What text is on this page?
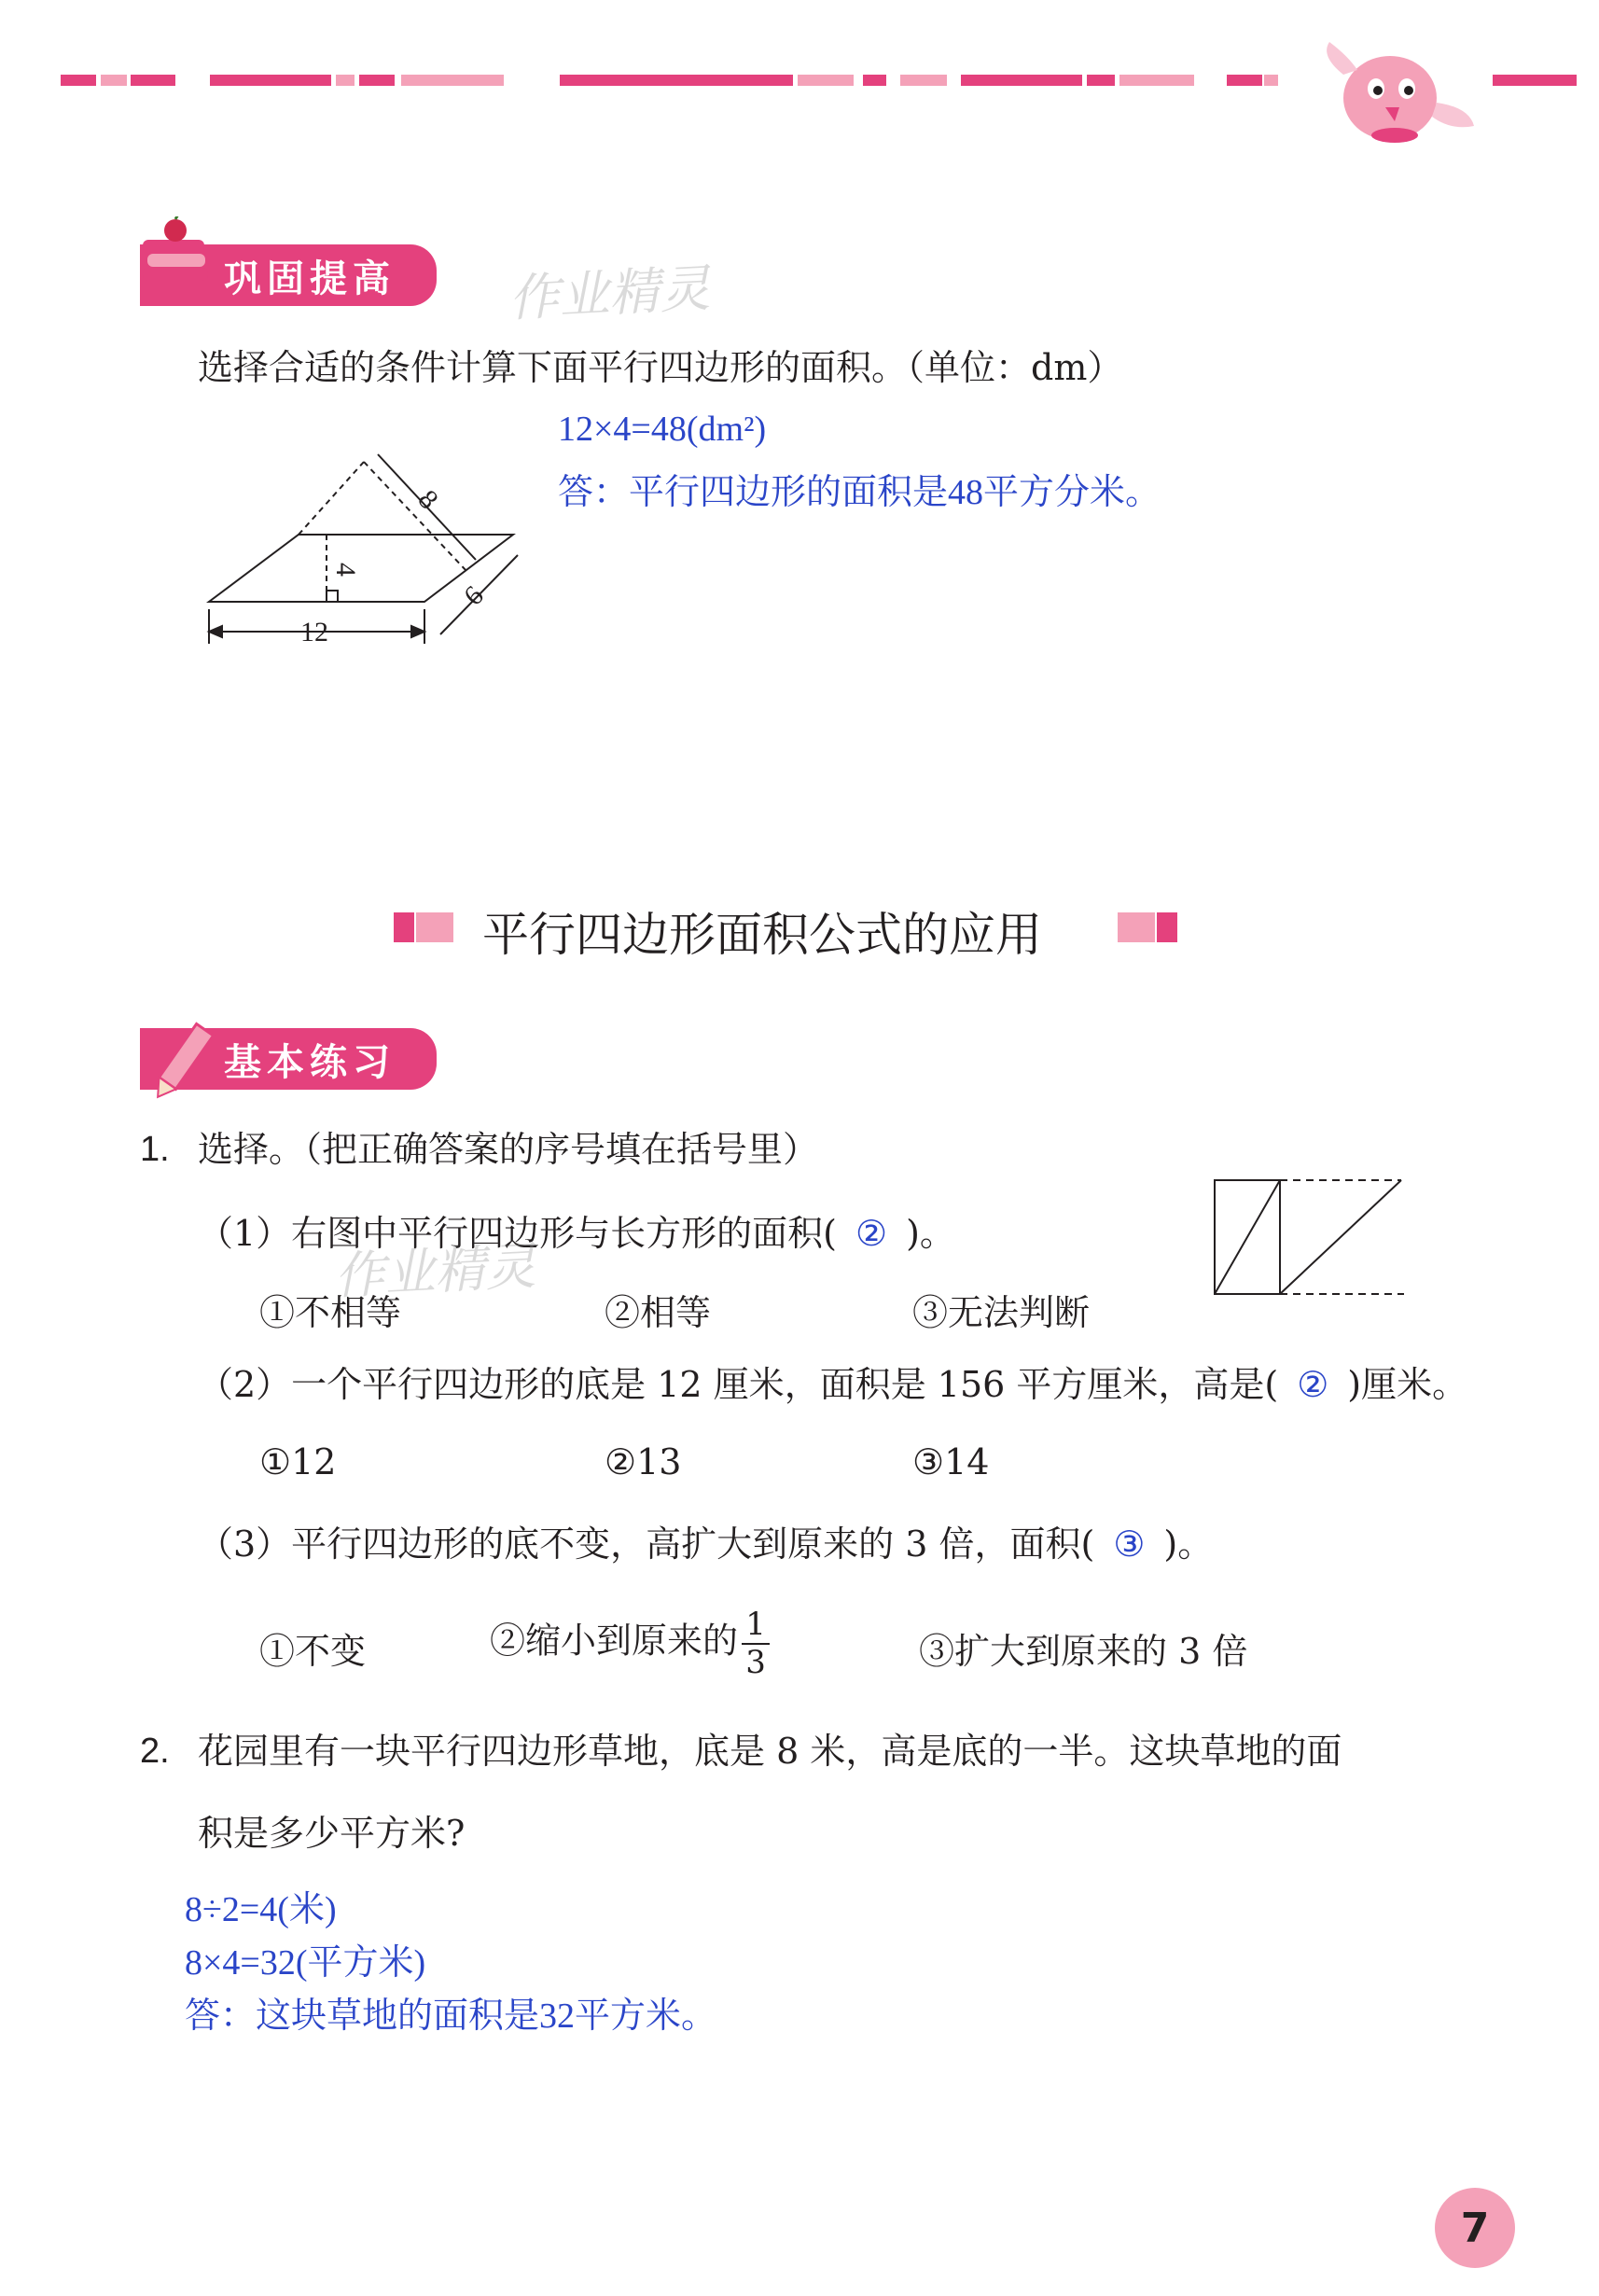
巩固提高	作业精灵
选择合适的条件计算下面平行四边形的面积。（单位：dm）
12
4
8
6
12×4=48(dm²)
答：平行四边形的面积是48平方分米。
平行四边形面积公式的应用
基本练习
1. 选择。（把正确答案的序号填在括号里）
（1）右图中平行四边形与长方形的面积( ② )。
作业精灵
①不相等	②相等	③无法判断
（2）一个平行四边形的底是 12 厘米，面积是 156 平方厘米，高是( ② )厘米。
①12	②13	③14
（3）平行四边形的底不变，高扩大到原来的 3 倍，面积( ③ )。
①不变	②缩小到原来的 $\frac{1}{3}$	③扩大到原来的 3 倍
2. 花园里有一块平行四边形草地，底是 8 米，高是底的一半。这块草地的面
积是多少平方米?
8÷2=4(米)
8×4=32(平方米)
答：这块草地的面积是32平方米。
7
